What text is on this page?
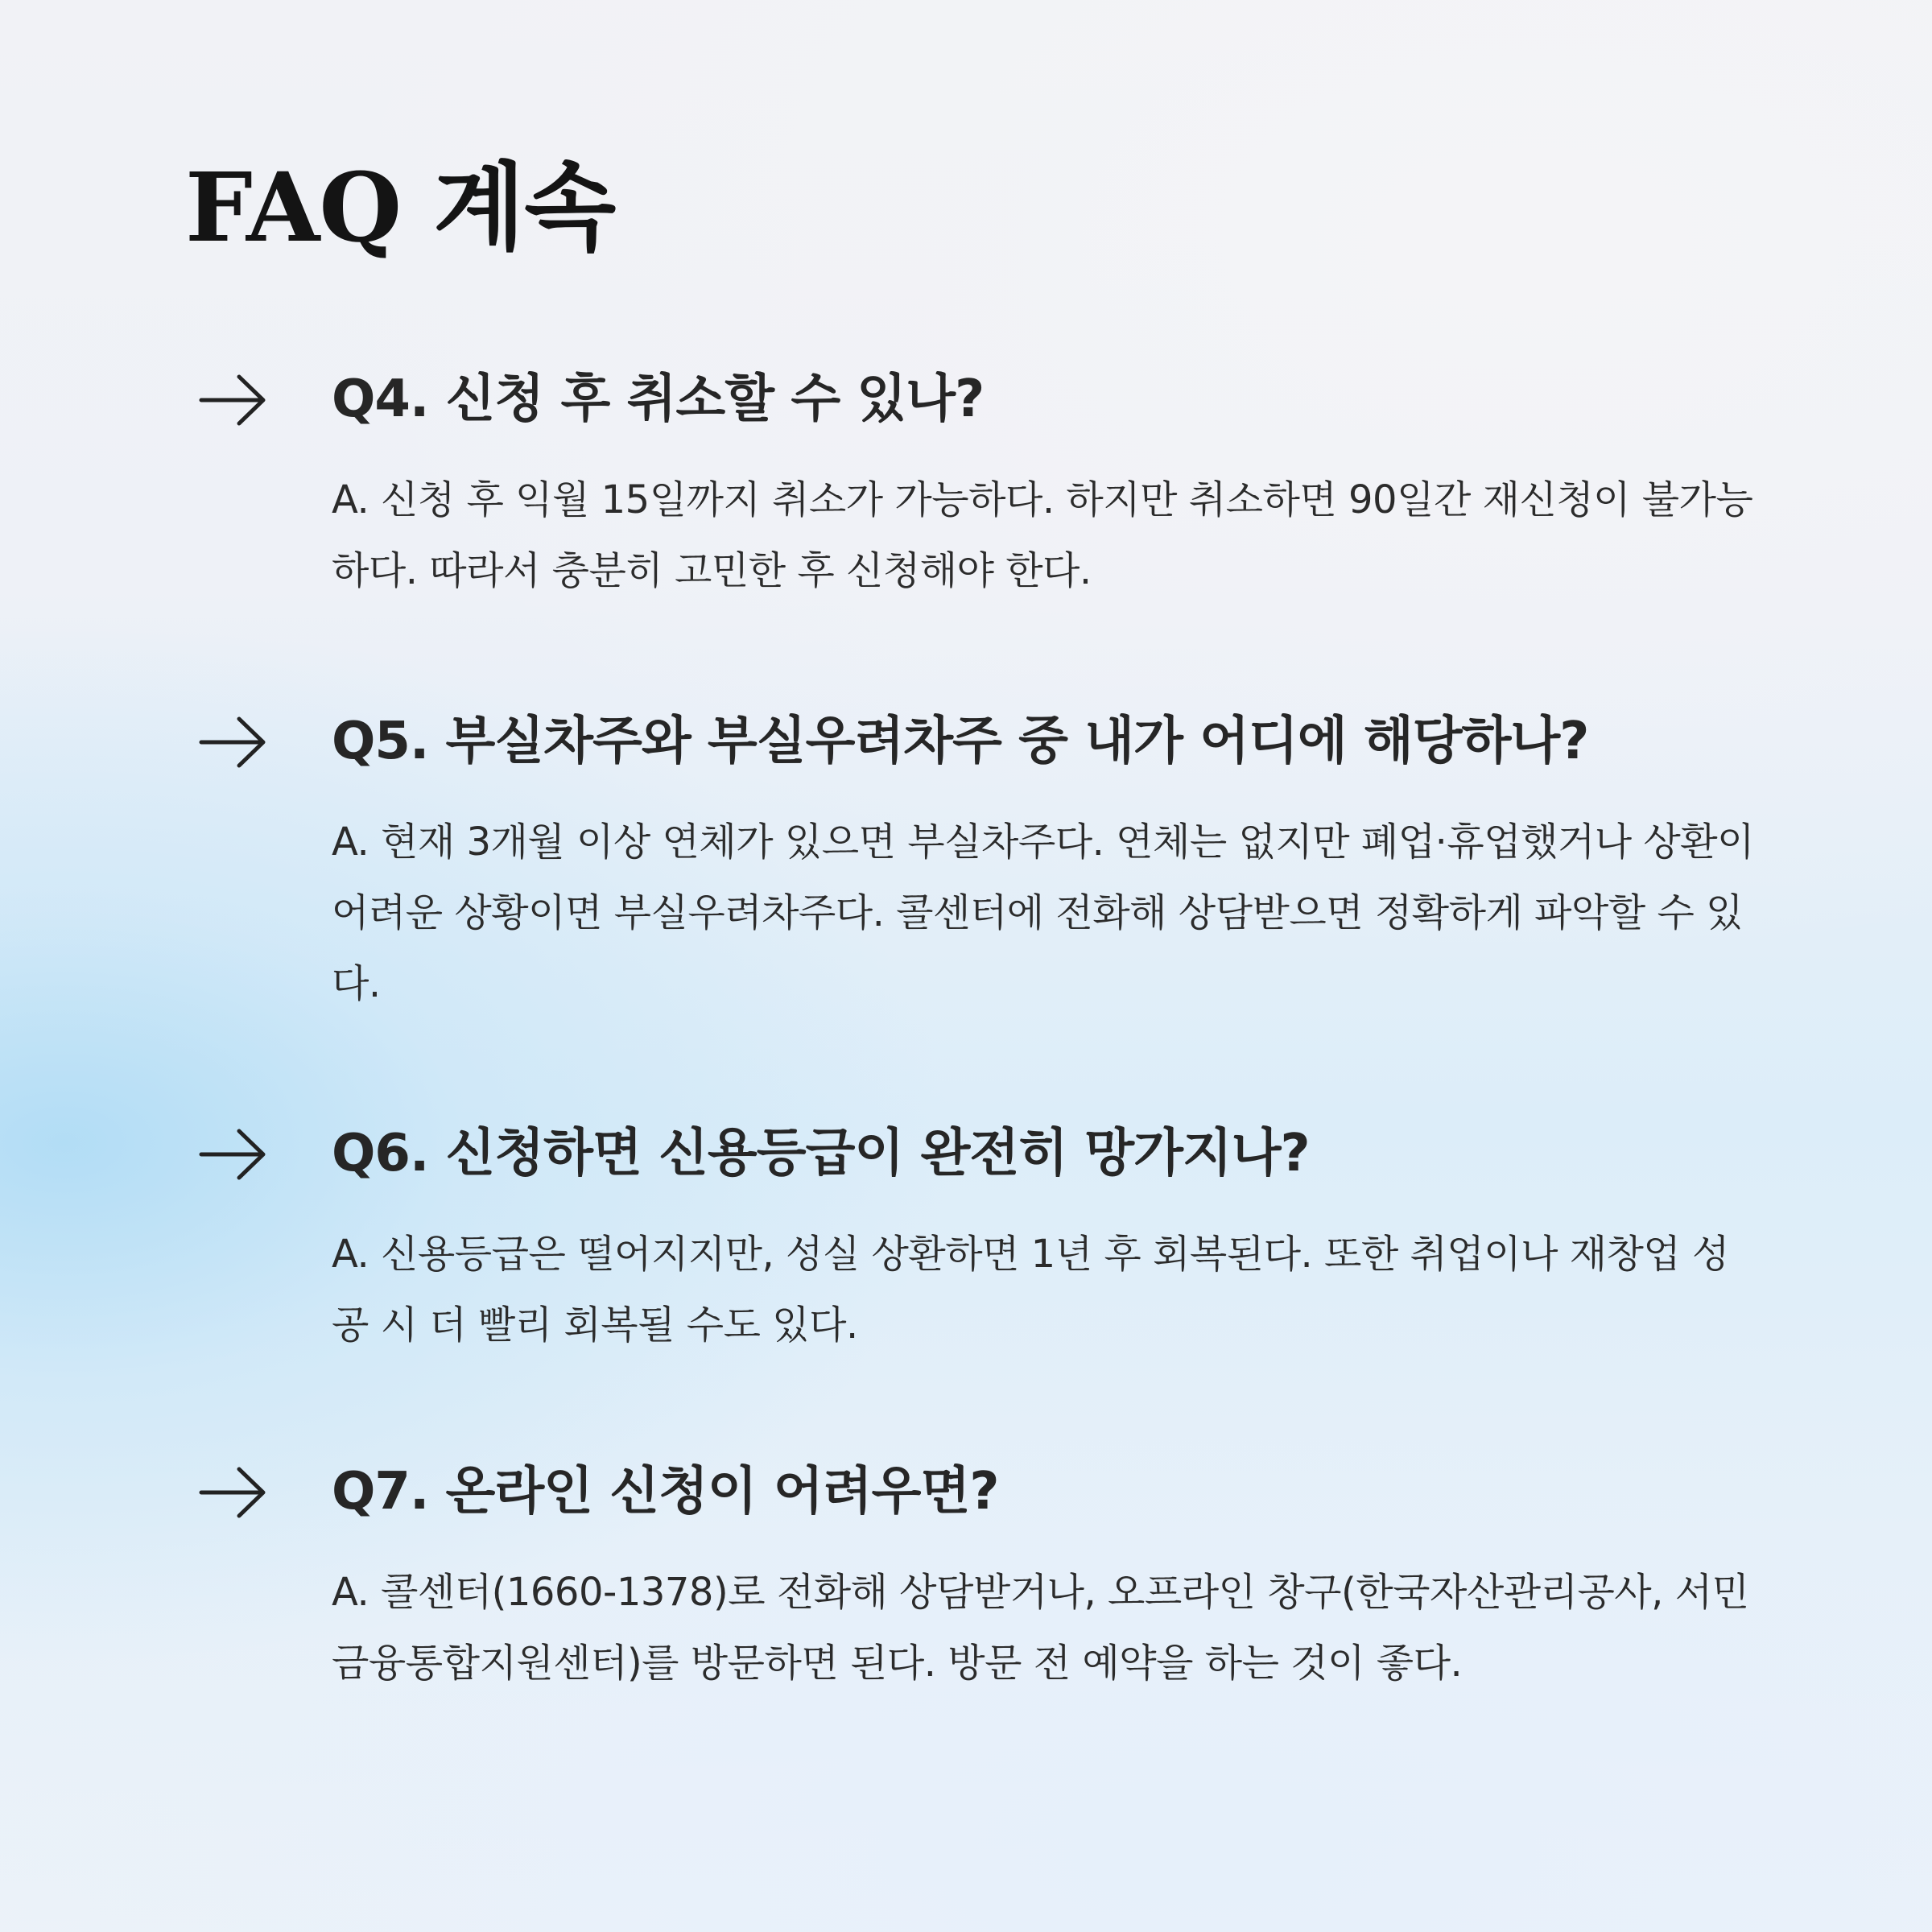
FAQ 계속
Q4. 신청 후 취소할 수 있나?

A. 신청 후 익월 15일까지 취소가 가능하다. 하지만 취소하면 90일간 재신청이 불가능하다. 따라서 충분히 고민한 후 신청해야 한다.

Q5. 부실차주와 부실우려차주 중 내가 어디에 해당하나?

A. 현재 3개월 이상 연체가 있으면 부실차주다. 연체는 없지만 폐업·휴업했거나 상환이 어려운 상황이면 부실우려차주다. 콜센터에 전화해 상담받으면 정확하게 파악할 수 있다.

Q6. 신청하면 신용등급이 완전히 망가지나?

A. 신용등급은 떨어지지만, 성실 상환하면 1년 후 회복된다. 또한 취업이나 재창업 성공 시 더 빨리 회복될 수도 있다.

Q7. 온라인 신청이 어려우면?

A. 콜센터(1660-1378)로 전화해 상담받거나, 오프라인 창구(한국자산관리공사, 서민금융통합지원센터)를 방문하면 된다. 방문 전 예약을 하는 것이 좋다.
